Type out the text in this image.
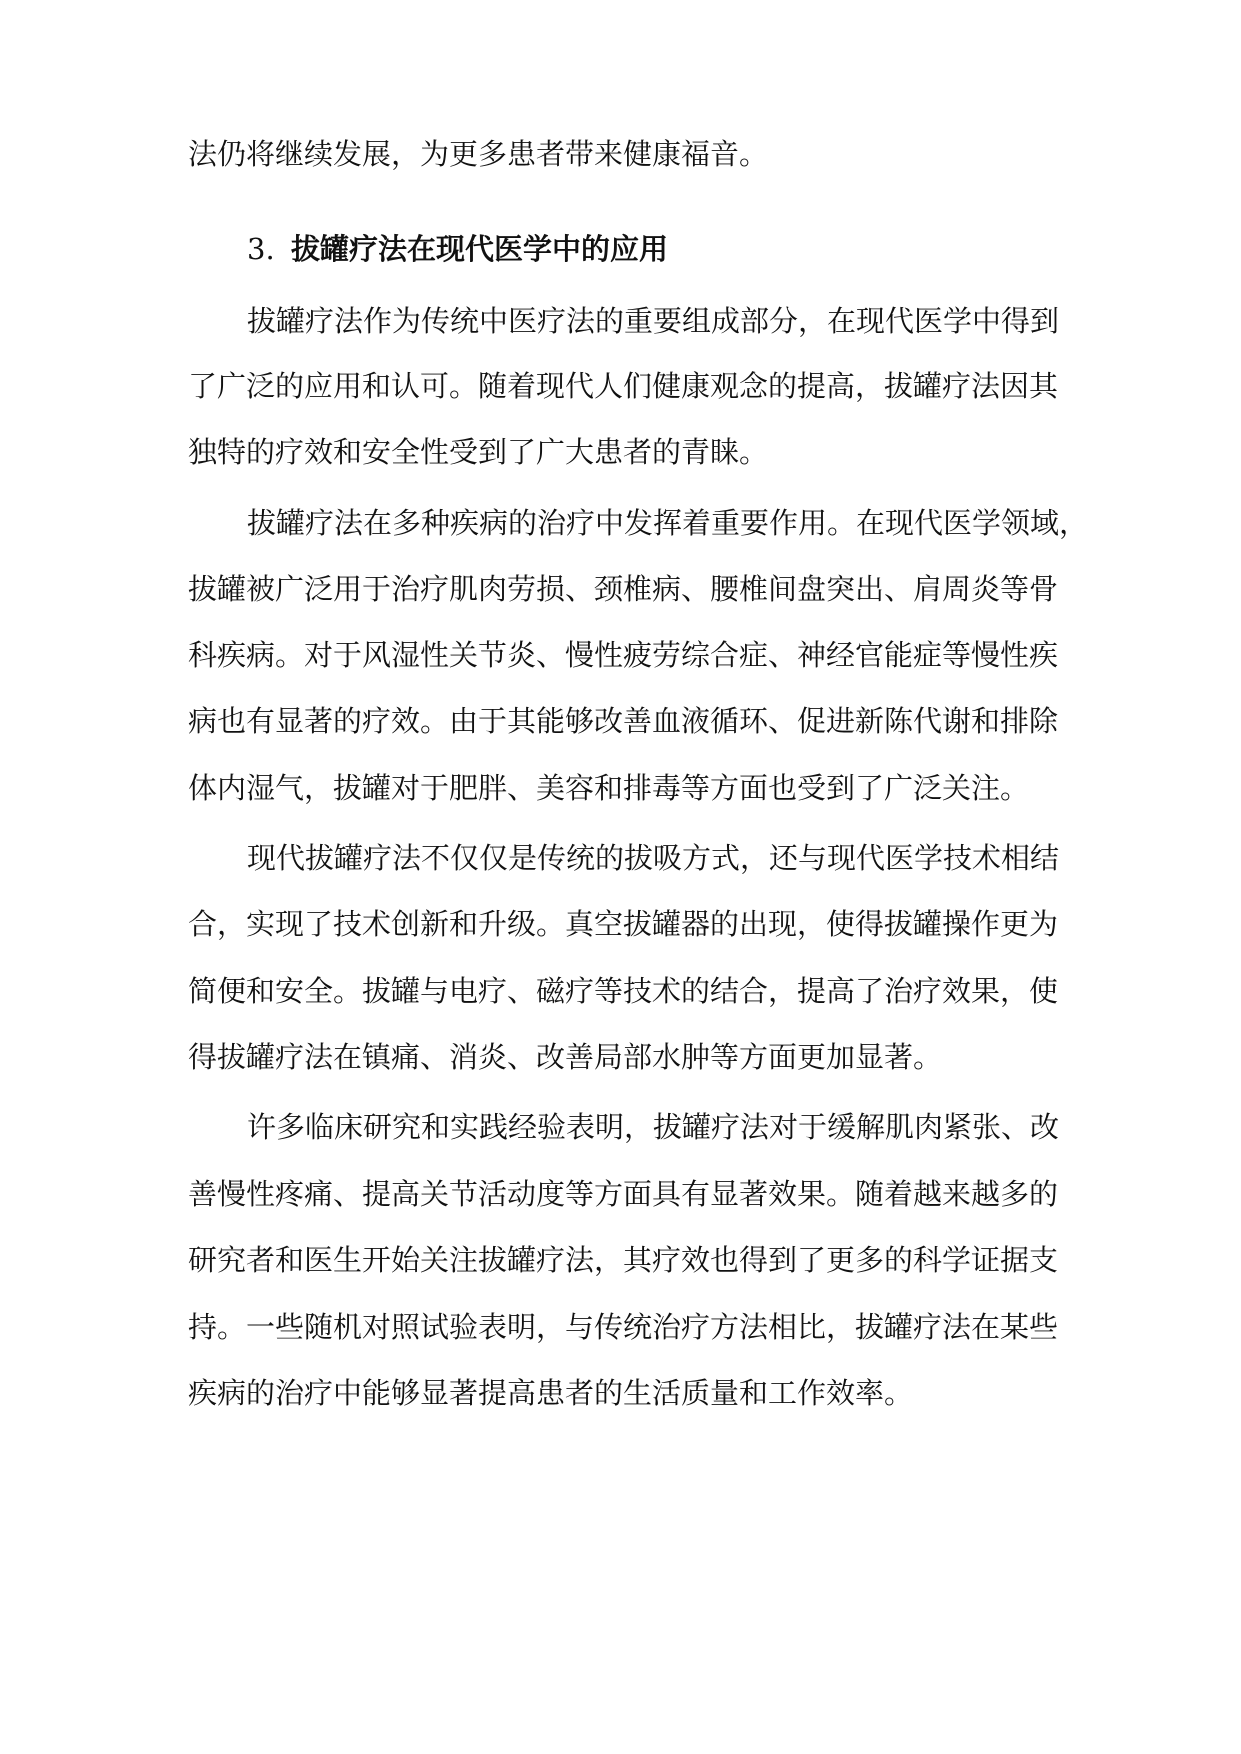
法仍将继续发展，为更多患者带来健康福音。
3. 拔罐疗法在现代医学中的应用
拔罐疗法作为传统中医疗法的重要组成部分，在现代医学中得到
了广泛的应用和认可。随着现代人们健康观念的提高，拔罐疗法因其
独特的疗效和安全性受到了广大患者的青睐。
拔罐疗法在多种疾病的治疗中发挥着重要作用。在现代医学领域，
拔罐被广泛用于治疗肌肉劳损、颈椎病、腰椎间盘突出、肩周炎等骨
科疾病。对于风湿性关节炎、慢性疲劳综合症、神经官能症等慢性疾
病也有显著的疗效。由于其能够改善血液循环、促进新陈代谢和排除
体内湿气，拔罐对于肥胖、美容和排毒等方面也受到了广泛关注。
现代拔罐疗法不仅仅是传统的拔吸方式，还与现代医学技术相结
合，实现了技术创新和升级。真空拔罐器的出现，使得拔罐操作更为
简便和安全。拔罐与电疗、磁疗等技术的结合，提高了治疗效果，使
得拔罐疗法在镇痛、消炎、改善局部水肿等方面更加显著。
许多临床研究和实践经验表明，拔罐疗法对于缓解肌肉紧张、改
善慢性疼痛、提高关节活动度等方面具有显著效果。随着越来越多的
研究者和医生开始关注拔罐疗法，其疗效也得到了更多的科学证据支
持。一些随机对照试验表明，与传统治疗方法相比，拔罐疗法在某些
疾病的治疗中能够显著提高患者的生活质量和工作效率。
